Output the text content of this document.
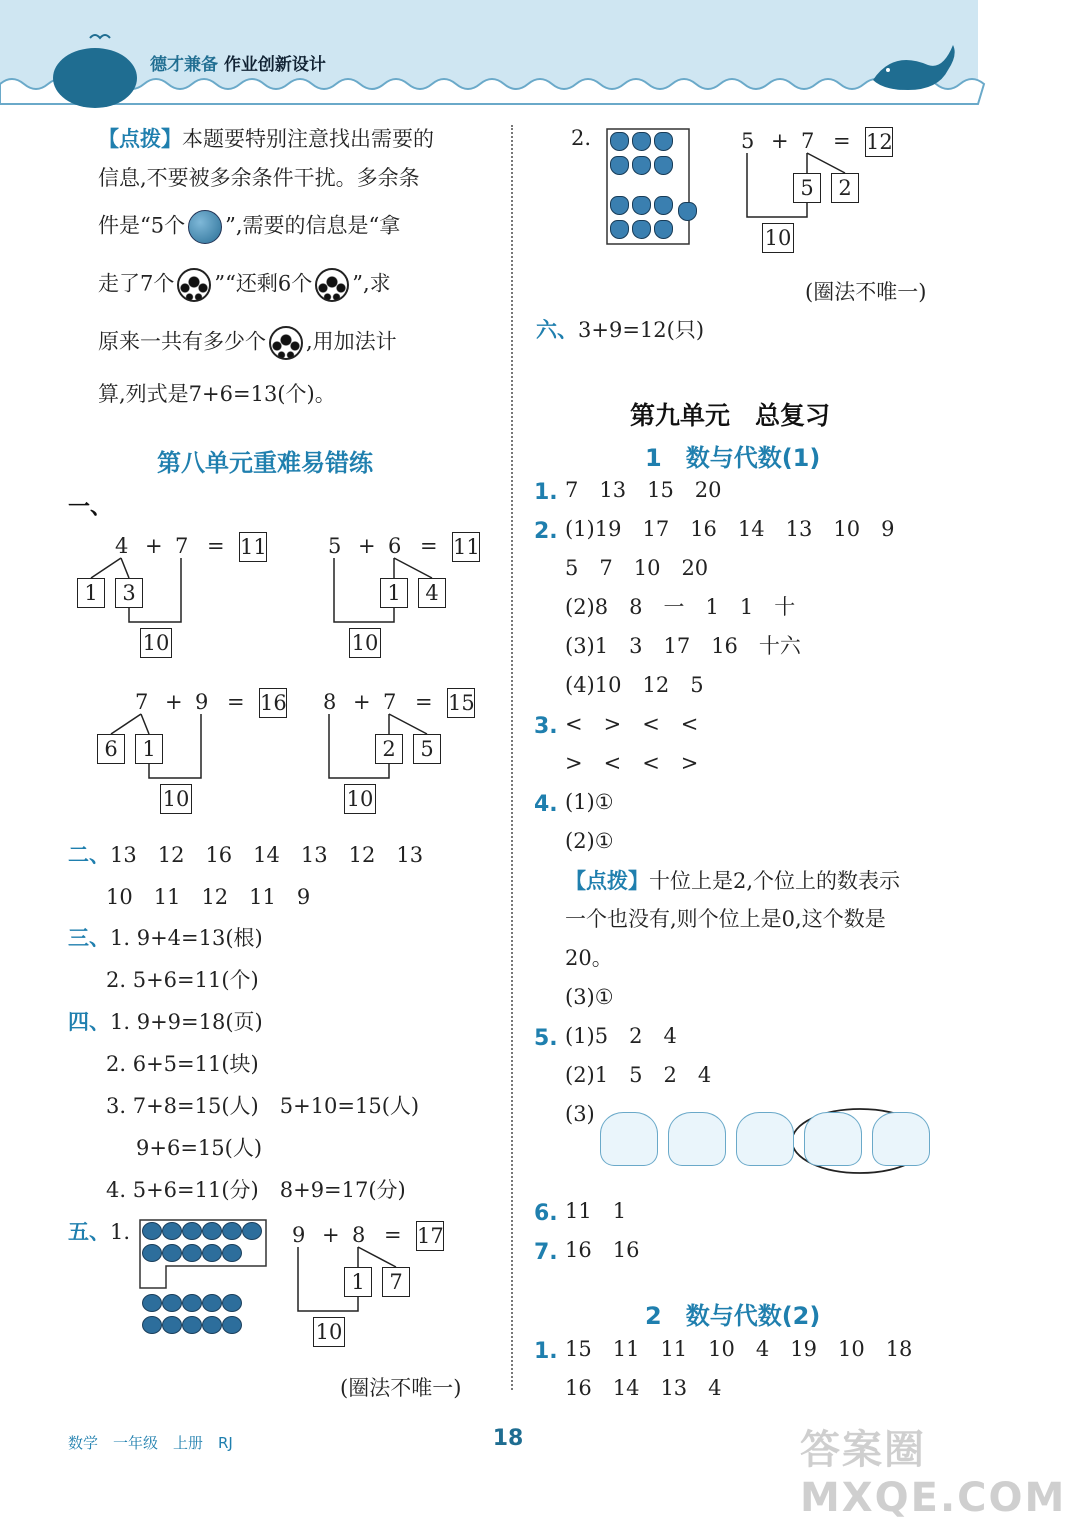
德才兼备 作业创新设计
【点拨】本题要特别注意找出需要的
信息,不要被多余条件干扰。多余条
件是“5个 ”,需要的信息是“拿
走了7个 ”“还剩6个 ”,求
原来一共有多少个 ,用加法计
算,列式是7+6=13(个)。
第八单元重难易错练
一、
二、13　12　16　14　13　12　13
10　11　12　11　9
三、1. 9+4=13(根)
2. 5+6=11(个)
四、1. 9+9=18(页)
2. 6+5=11(块)
3. 7+8=15(人)　5+10=15(人)
9+6=15(人)
4. 5+6=11(分)　8+9=17(分)
五、1.
(圈法不唯一)
2.
(圈法不唯一)
六、3+9=12(只)
第九单元　总复习
1　数与代数(1)
2　数与代数(2)
数学　一年级　上册　RJ	18	答案圈 MXQE.COM
4 + 7 = 11
1	3
10
5 + 6 = 11
1	4
10
7 + 9 = 16
6	1
10
8 + 7 = 15
2	5
10
9 + 8 = 17
1	7
10
5 + 7 = 12
5	2
10
1. 7　13　15　20
2. (1)19　17　16　14　13　10　9
5　7　10　20
(2)8　8　一　1　1　十
(3)1　3　17　16　十六
(4)10　12　5
3. <　>　<　<
>　<　<　>
4. (1)①
(2)①
【点拨】十位上是2,个位上的数表示
一个也没有,则个位上是0,这个数是
20。
(3)①
5. (1)5　2　4
(2)1　5　2　4
(3)
6. 11　1
7. 16　16
1. 15　11　11　10　4　19　10　18
16　14　13　4
